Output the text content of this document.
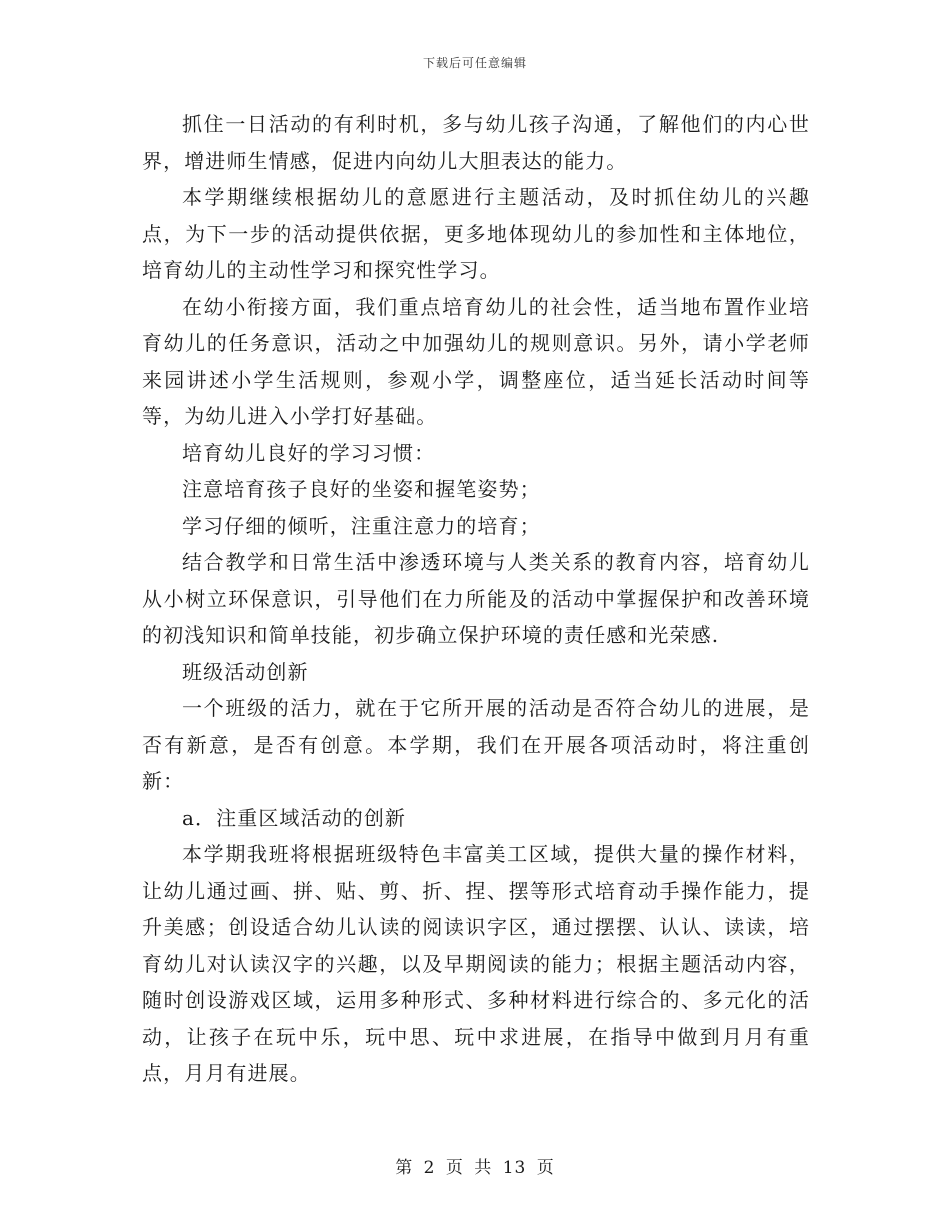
下载后可任意编辑

抓住一日活动的有利时机，多与幼儿孩子沟通，了解他们的内心世界，增进师生情感，促进内向幼儿大胆表达的能力。

本学期继续根据幼儿的意愿进行主题活动，及时抓住幼儿的兴趣点，为下一步的活动提供依据，更多地体现幼儿的参加性和主体地位，培育幼儿的主动性学习和探究性学习。

在幼小衔接方面，我们重点培育幼儿的社会性，适当地布置作业培育幼儿的任务意识，活动之中加强幼儿的规则意识。另外，请小学老师来园讲述小学生活规则，参观小学，调整座位，适当延长活动时间等等，为幼儿进入小学打好基础。

培育幼儿良好的学习习惯：

注意培育孩子良好的坐姿和握笔姿势；

学习仔细的倾听，注重注意力的培育；

结合教学和日常生活中渗透环境与人类关系的教育内容，培育幼儿从小树立环保意识，引导他们在力所能及的活动中掌握保护和改善环境的初浅知识和简单技能，初步确立保护环境的责任感和光荣感.

班级活动创新

一个班级的活力，就在于它所开展的活动是否符合幼儿的进展，是否有新意，是否有创意。本学期，我们在开展各项活动时，将注重创新：

a．注重区域活动的创新

本学期我班将根据班级特色丰富美工区域，提供大量的操作材料，让幼儿通过画、拼、贴、剪、折、捏、摆等形式培育动手操作能力，提升美感；创设适合幼儿认读的阅读识字区，通过摆摆、认认、读读，培育幼儿对认读汉字的兴趣，以及早期阅读的能力；根据主题活动内容，随时创设游戏区域，运用多种形式、多种材料进行综合的、多元化的活动，让孩子在玩中乐，玩中思、玩中求进展，在指导中做到月月有重点，月月有进展。

第 2 页 共 13 页
